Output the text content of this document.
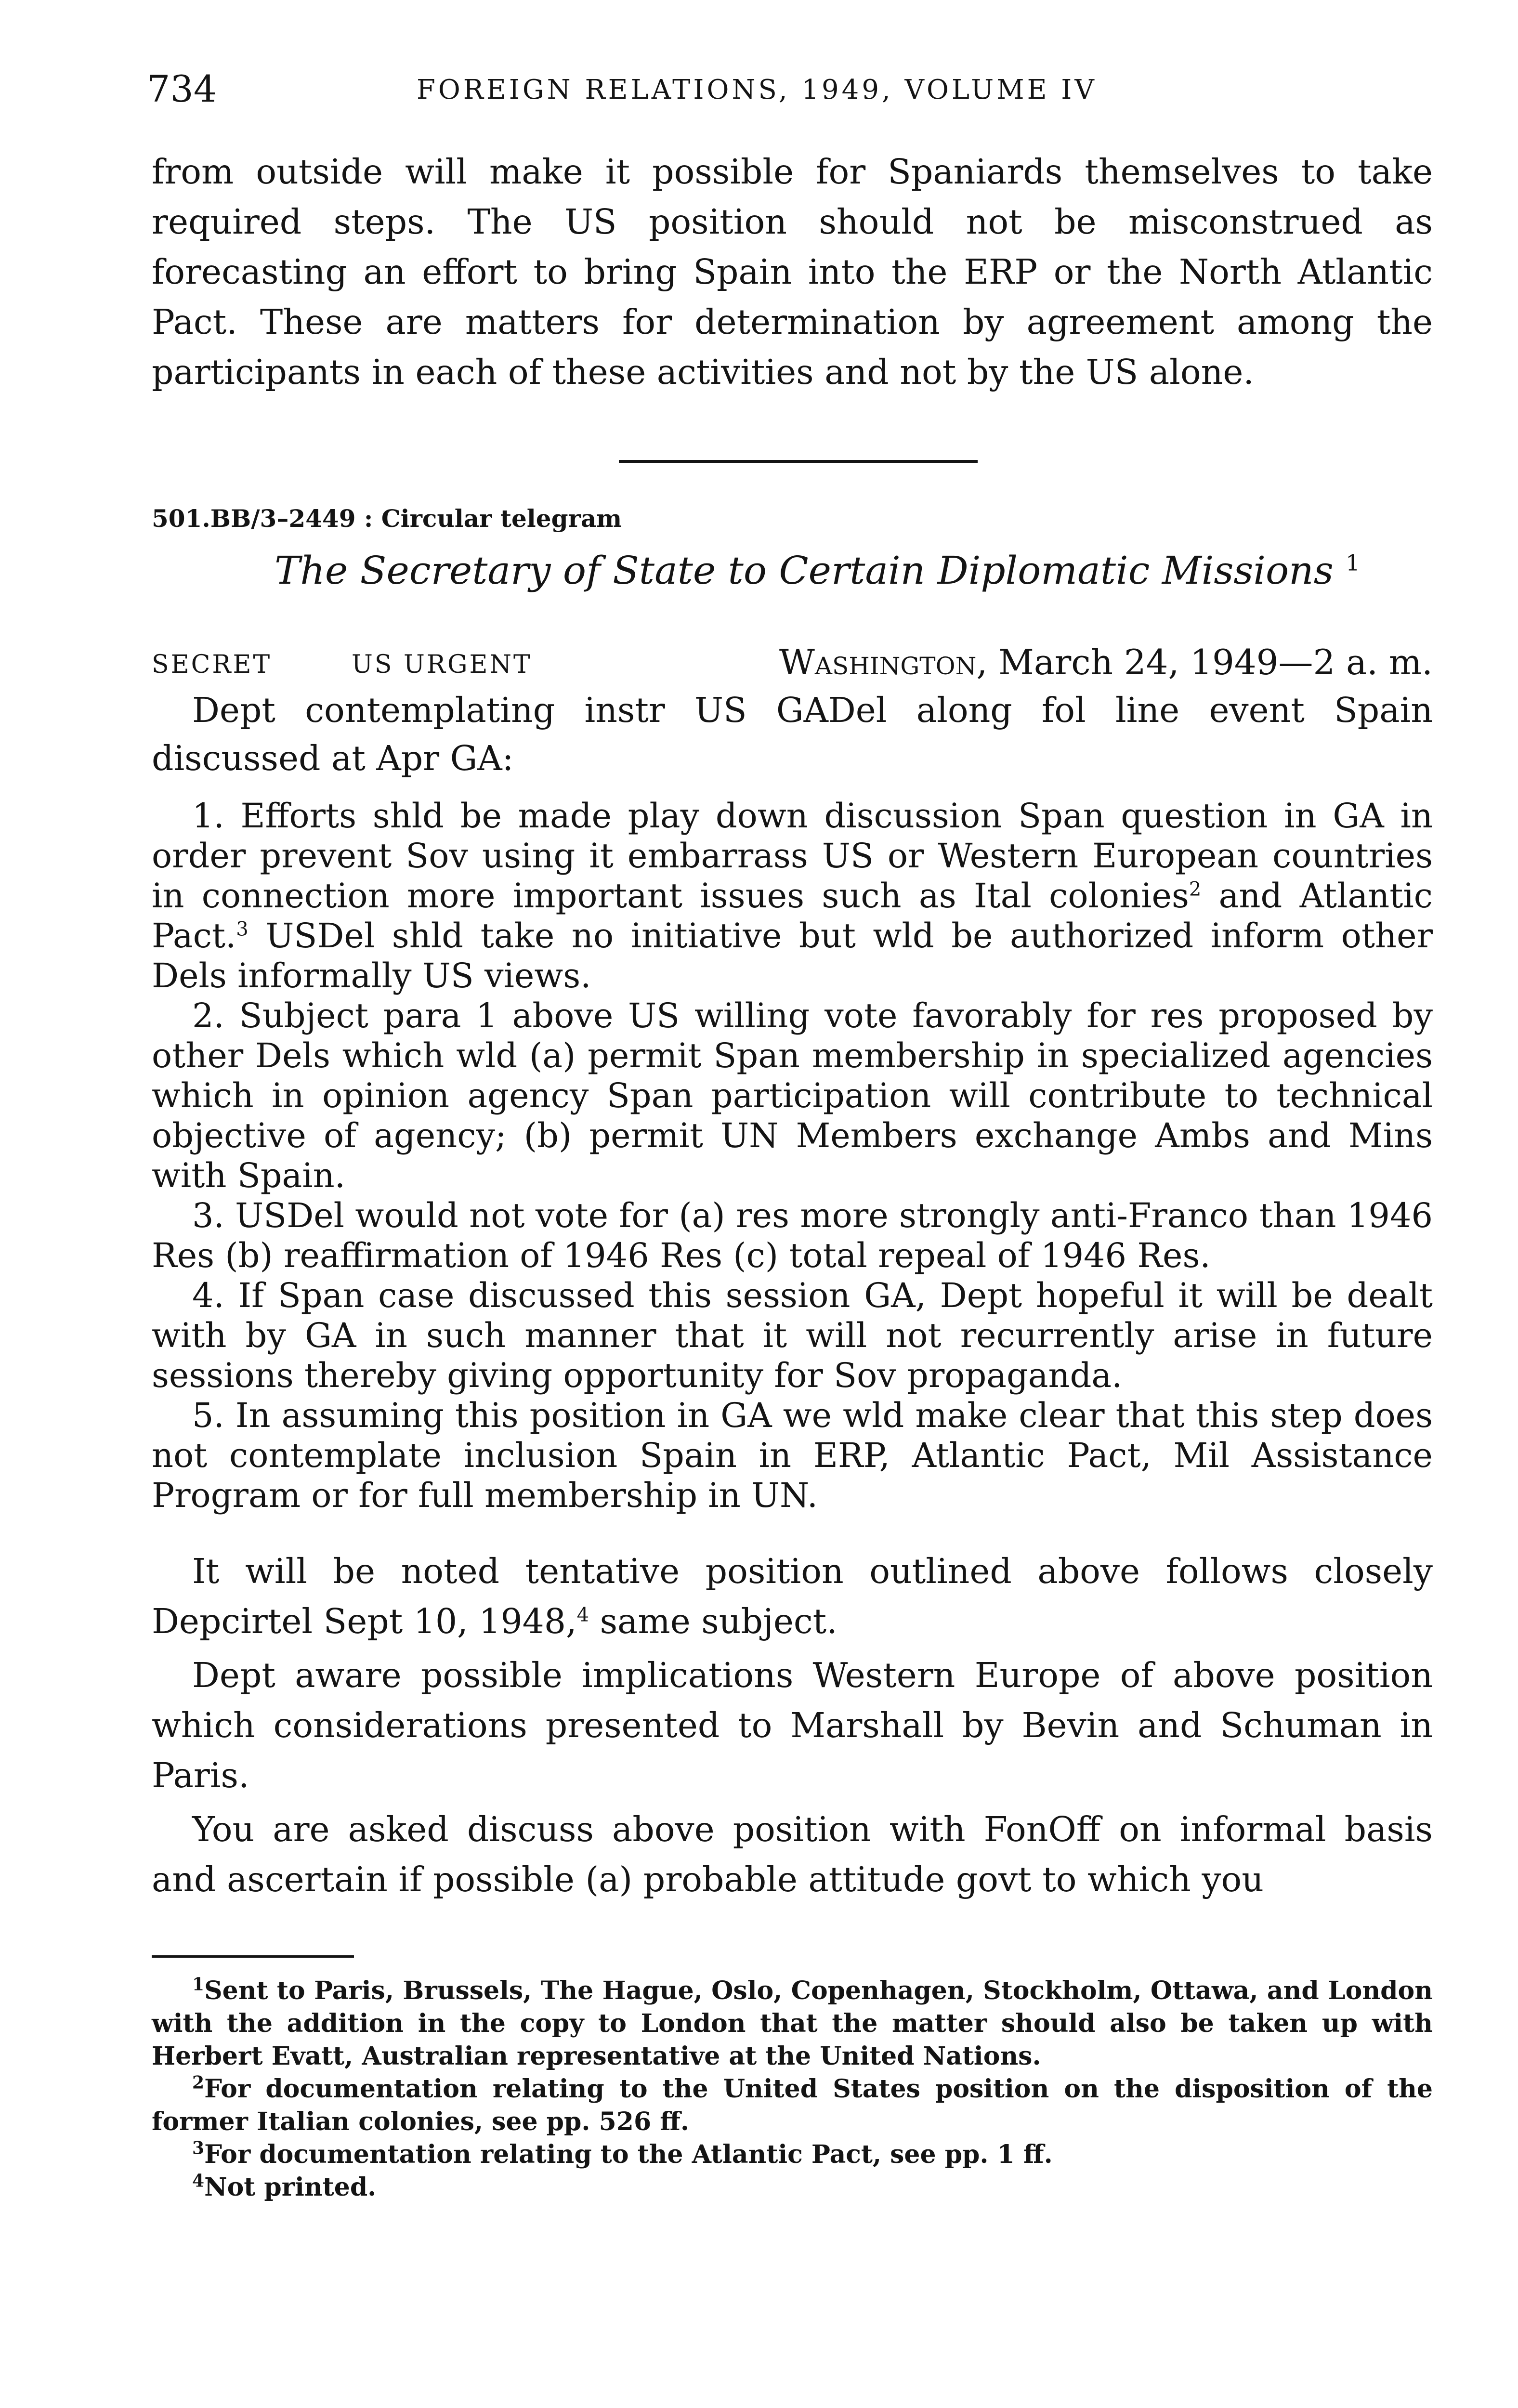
734	FOREIGN RELATIONS, 1949, VOLUME IV

from outside will make it possible for Spaniards themselves to take required steps. The US position should not be misconstrued as forecasting an effort to bring Spain into the ERP or the North Atlantic Pact. These are matters for determination by agreement among the participants in each of these activities and not by the US alone.

501.BB/3–2449 : Circular telegram
The Secretary of State to Certain Diplomatic Missions $^1$
SECRET	US URGENT	Washington, March 24, 1949—2 a. m.

Dept contemplating instr US GADel along fol line event Spain discussed at Apr GA:

1. Efforts shld be made play down discussion Span question in GA in order prevent Sov using it embarrass US or Western European countries in connection more important issues such as Ital colonies$^2$ and Atlantic Pact.$^3$ USDel shld take no initiative but wld be authorized inform other Dels informally US views.

2. Subject para 1 above US willing vote favorably for res proposed by other Dels which wld (a) permit Span membership in specialized agencies which in opinion agency Span participation will contribute to technical objective of agency; (b) permit UN Members exchange Ambs and Mins with Spain.

3. USDel would not vote for (a) res more strongly anti-Franco than 1946 Res (b) reaffirmation of 1946 Res (c) total repeal of 1946 Res.

4. If Span case discussed this session GA, Dept hopeful it will be dealt with by GA in such manner that it will not recurrently arise in future sessions thereby giving opportunity for Sov propaganda.

5. In assuming this position in GA we wld make clear that this step does not contemplate inclusion Spain in ERP, Atlantic Pact, Mil Assistance Program or for full membership in UN.

It will be noted tentative position outlined above follows closely Depcirtel Sept 10, 1948,$^4$ same subject.

Dept aware possible implications Western Europe of above position which considerations presented to Marshall by Bevin and Schuman in Paris.

You are asked discuss above position with FonOff on informal basis and ascertain if possible (a) probable attitude govt to which you

$^1$Sent to Paris, Brussels, The Hague, Oslo, Copenhagen, Stockholm, Ottawa, and London with the addition in the copy to London that the matter should also be taken up with Herbert Evatt, Australian representative at the United Nations.

$^2$For documentation relating to the United States position on the disposition of the former Italian colonies, see pp. 526 ff.

$^3$For documentation relating to the Atlantic Pact, see pp. 1 ff.

$^4$Not printed.
